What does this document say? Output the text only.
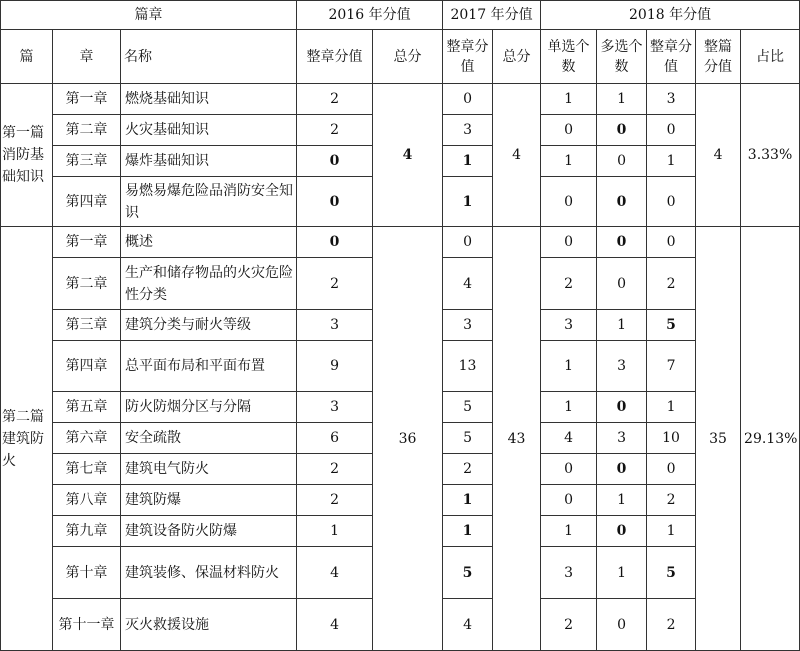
篇章			2016 年分值		2017 年分值		2018 年分值				
篇	章	名称	整章分值	总分	整章分值	总分	单选个数	多选个数	整章分值	整篇分值	占比
第一篇消防基础知识	第一章	燃烧基础知识	2	4	0	4	1	1	3	4	3.33%
	第二章	火灾基础知识	2		3		0	0	0		
	第三章	爆炸基础知识	0		1		1	0	1		
	第四章	易燃易爆危险品消防安全知识	0		1		0	0	0		
第二篇建筑防火	第一章	概述	0	36	0	43	0	0	0	35	29.13%
	第二章	生产和储存物品的火灾危险性分类	2		4		2	0	2		
	第三章	建筑分类与耐火等级	3		3		3	1	5		
	第四章	总平面布局和平面布置	9		13		1	3	7		
	第五章	防火防烟分区与分隔	3		5		1	0	1		
	第六章	安全疏散	6		5		4	3	10		
	第七章	建筑电气防火	2		2		0	0	0		
	第八章	建筑防爆	2		1		0	1	2		
	第九章	建筑设备防火防爆	1		1		1	0	1		
	第十章	建筑装修、保温材料防火	4		5		3	1	5		
	第十一章	灭火救援设施	4		4		2	0	2		
